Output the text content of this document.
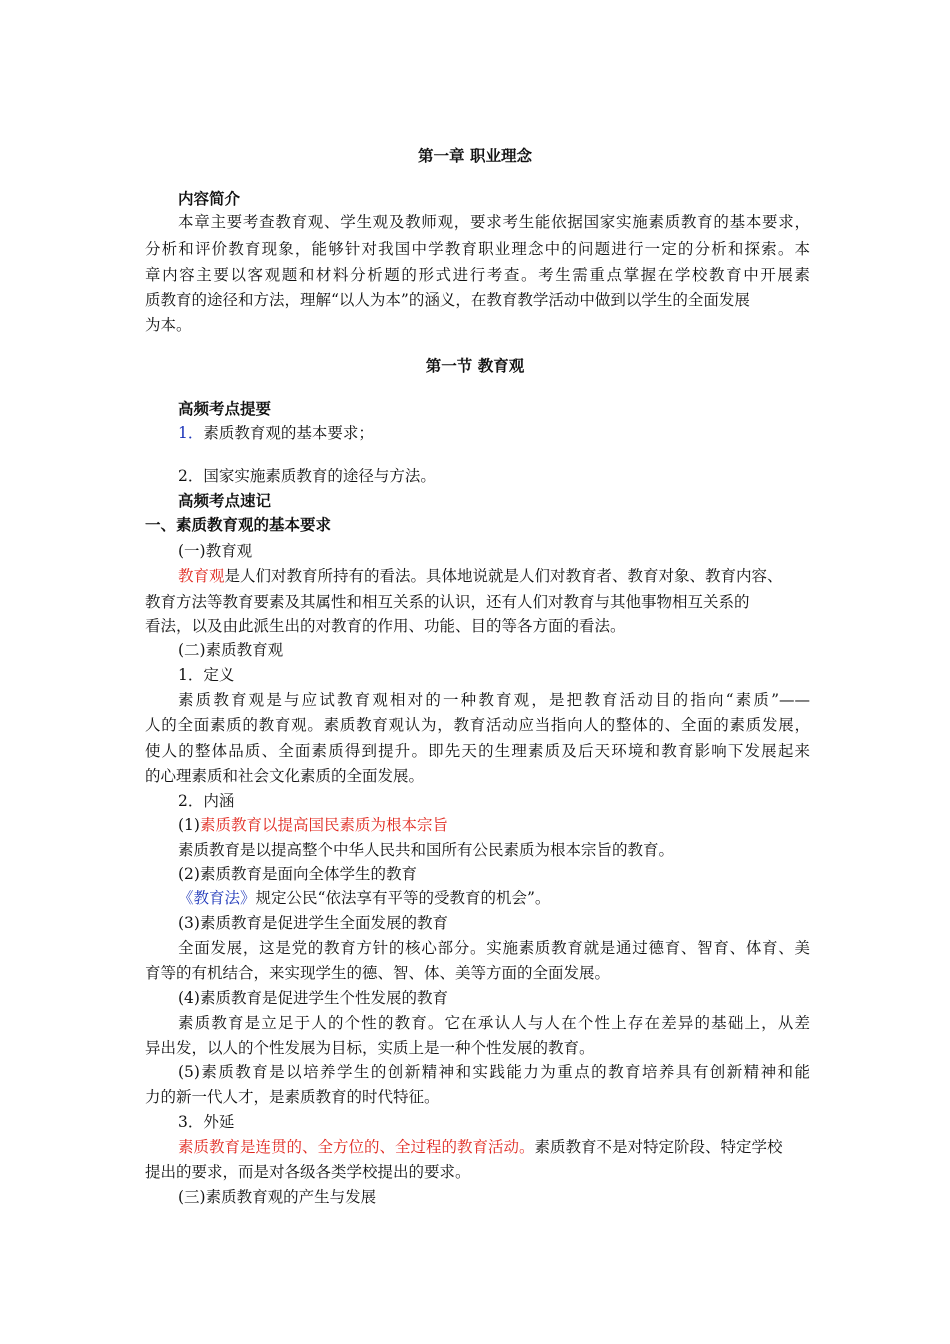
第一章 职业理念
内容简介
本章主要考查教育观、学生观及教师观，要求考生能依据国家实施素质教育的基本要求，
分析和评价教育现象，能够针对我国中学教育职业理念中的问题进行一定的分析和探索。本
章内容主要以客观题和材料分析题的形式进行考查。考生需重点掌握在学校教育中开展素
质教育的途径和方法，理解“以人为本”的涵义，在教育教学活动中做到以学生的全面发展
为本。
第一节 教育观
高频考点提要
1．素质教育观的基本要求；
2．国家实施素质教育的途径与方法。
高频考点速记
一、素质教育观的基本要求
(一)教育观
教育观是人们对教育所持有的看法。具体地说就是人们对教育者、教育对象、教育内容、
教育方法等教育要素及其属性和相互关系的认识，还有人们对教育与其他事物相互关系的
看法，以及由此派生出的对教育的作用、功能、目的等各方面的看法。
(二)素质教育观
1．定义
素质教育观是与应试教育观相对的一种教育观，是把教育活动目的指向“素质”——
人的全面素质的教育观。素质教育观认为，教育活动应当指向人的整体的、全面的素质发展，
使人的整体品质、全面素质得到提升。即先天的生理素质及后天环境和教育影响下发展起来
的心理素质和社会文化素质的全面发展。
2．内涵
(1)素质教育以提高国民素质为根本宗旨
素质教育是以提高整个中华人民共和国所有公民素质为根本宗旨的教育。
(2)素质教育是面向全体学生的教育
《教育法》规定公民“依法享有平等的受教育的机会”。
(3)素质教育是促进学生全面发展的教育
全面发展，这是党的教育方针的核心部分。实施素质教育就是通过德育、智育、体育、美
育等的有机结合，来实现学生的德、智、体、美等方面的全面发展。
(4)素质教育是促进学生个性发展的教育
素质教育是立足于人的个性的教育。它在承认人与人在个性上存在差异的基础上，从差
异出发，以人的个性发展为目标，实质上是一种个性发展的教育。
(5)素质教育是以培养学生的创新精神和实践能力为重点的教育培养具有创新精神和能
力的新一代人才，是素质教育的时代特征。
3．外延
素质教育是连贯的、全方位的、全过程的教育活动。素质教育不是对特定阶段、特定学校
提出的要求，而是对各级各类学校提出的要求。
(三)素质教育观的产生与发展
